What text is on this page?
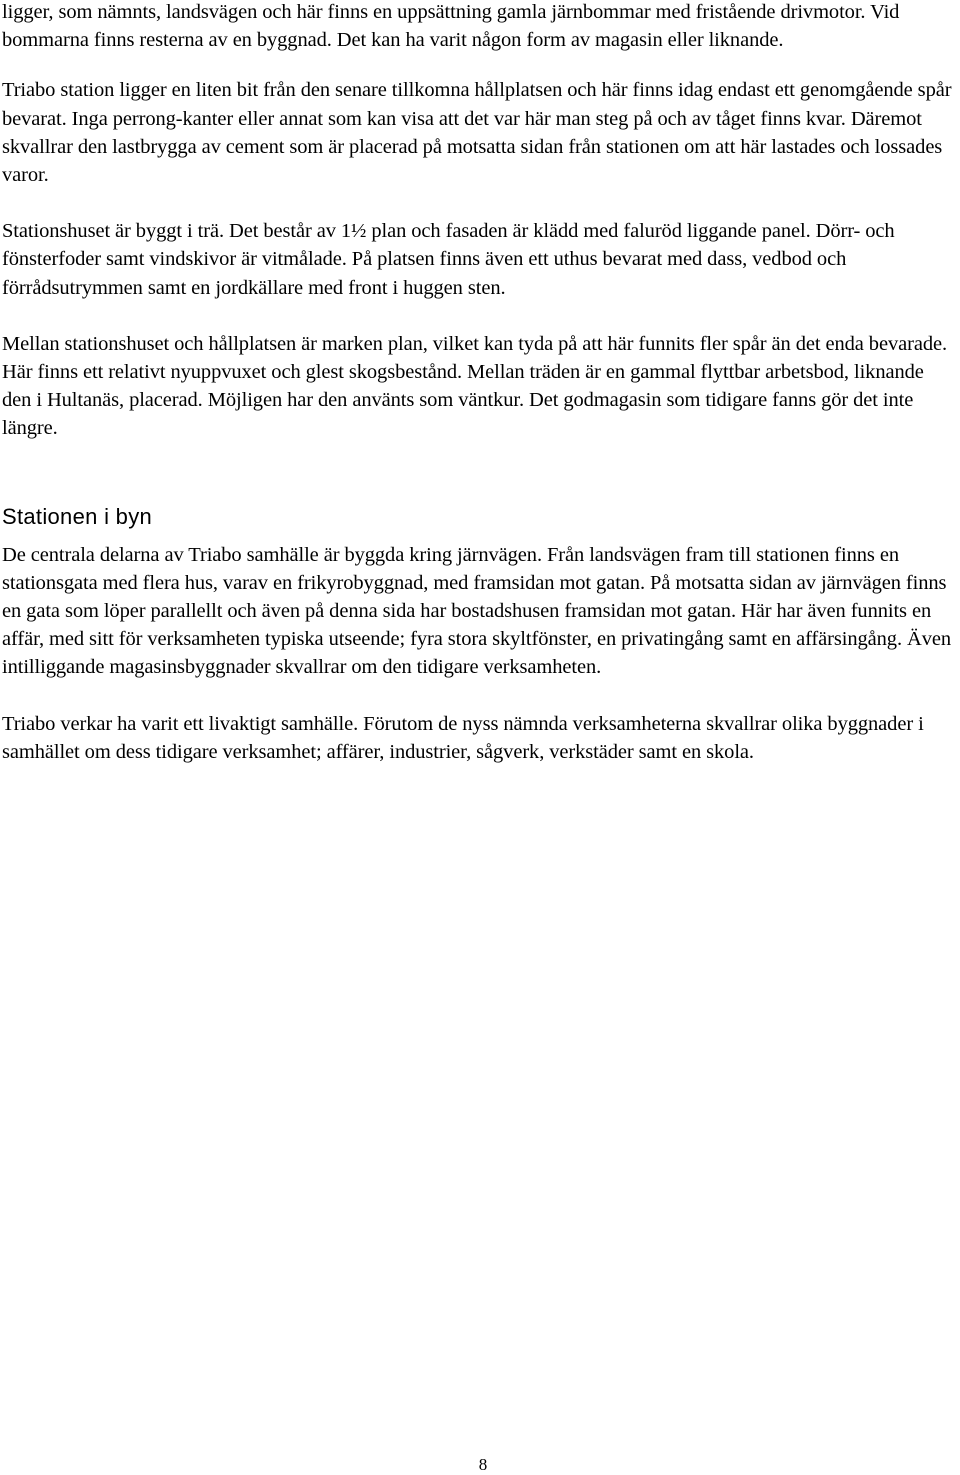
ligger, som nämnts, landsvägen och här finns en uppsättning gamla järnbommar med fristående drivmotor. Vid bommarna finns resterna av en byggnad. Det kan ha varit någon form av magasin eller liknande.

Triabo station ligger en liten bit från den senare tillkomna hållplatsen och här finns idag endast ett genomgående spår bevarat. Inga perrong-kanter eller annat som kan visa att det var här man steg på och av tåget finns kvar. Däremot skvallrar den lastbrygga av cement som är placerad på motsatta sidan från stationen om att här lastades och lossades varor.

Stationshuset är byggt i trä. Det består av 1½ plan och fasaden är klädd med faluröd liggande panel. Dörr- och fönsterfoder samt vindskivor är vitmålade. På platsen finns även ett uthus bevarat med dass, vedbod och förrådsutrymmen samt en jordkällare med front i huggen sten.

Mellan stationshuset och hållplatsen är marken plan, vilket kan tyda på att här funnits fler spår än det enda bevarade. Här finns ett relativt nyuppvuxet och glest skogsbestånd. Mellan träden är en gammal flyttbar arbetsbod, liknande den i Hultanäs, placerad. Möjligen har den använts som väntkur. Det godmagasin som tidigare fanns gör det inte längre.

Stationen i byn

De centrala delarna av Triabo samhälle är byggda kring järnvägen. Från landsvägen fram till stationen finns en stationsgata med flera hus, varav en frikyrobyggnad, med framsidan mot gatan. På motsatta sidan av järnvägen finns en gata som löper parallellt och även på denna sida har bostadshusen framsidan mot gatan. Här har även funnits en affär, med sitt för verksamheten typiska utseende; fyra stora skyltfönster, en privatingång samt en affärsingång. Även intilliggande magasinsbyggnader skvallrar om den tidigare verksamheten.

Triabo verkar ha varit ett livaktigt samhälle. Förutom de nyss nämnda verksamheterna skvallrar olika byggnader i samhället om dess tidigare verksamhet; affärer, industrier, sågverk, verkstäder samt en skola.

8
